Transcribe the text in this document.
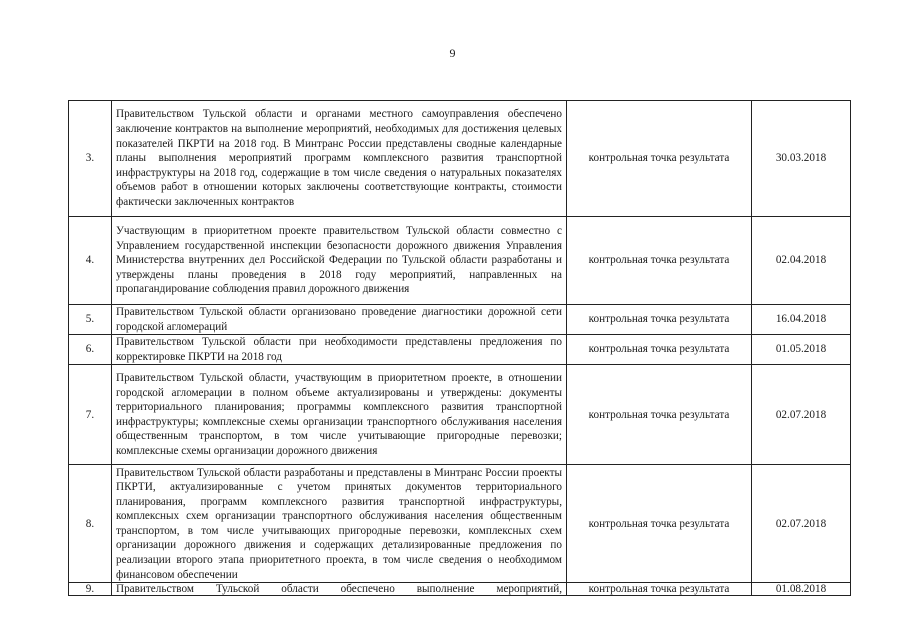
9
3.	Правительством Тульской области и органами местного самоуправления обеспечено заключение контрактов на выполнение мероприятий, необходимых для достижения целевых показателей ПКРТИ на 2018 год. В Минтранс России представлены сводные календарные планы выполнения мероприятий программ комплексного развития транспортной инфраструктуры на 2018 год, содержащие в том числе сведения о натуральных показателях объемов работ в отношении которых заключены соответствующие контракты, стоимости фактически заключенных контрактов	контрольная точка результата	30.03.2018
4.	Участвующим в приоритетном проекте правительством Тульской области совместно с Управлением государственной инспекции безопасности дорожного движения Управления Министерства внутренних дел Российской Федерации по Тульской области разработаны и утверждены планы проведения в 2018 году мероприятий, направленных на пропагандирование соблюдения правил дорожного движения	контрольная точка результата	02.04.2018
5.	Правительством Тульской области организовано проведение диагностики дорожной сети городской агломераций	контрольная точка результата	16.04.2018
6.	Правительством Тульской области при необходимости представлены предложения по корректировке ПКРТИ на 2018 год	контрольная точка результата	01.05.2018
7.	Правительством Тульской области, участвующим в приоритетном проекте, в отношении городской агломерации в полном объеме актуализированы и утверждены: документы территориального планирования; программы комплексного развития транспортной инфраструктуры; комплексные схемы организации транспортного обслуживания населения общественным транспортом, в том числе учитывающие пригородные перевозки; комплексные схемы организации дорожного движения	контрольная точка результата	02.07.2018
8.	Правительством Тульской области разработаны и представлены в Минтранс России проекты ПКРТИ, актуализированные с учетом принятых документов территориального планирования, программ комплексного развития транспортной инфраструктуры, комплексных схем организации транспортного обслуживания населения общественным транспортом, в том числе учитывающих пригородные перевозки, комплексных схем организации дорожного движения и содержащих детализированные предложения по реализации второго этапа приоритетного проекта, в том числе сведения о необходимом финансовом обеспечении	контрольная точка результата	02.07.2018
9.	Правительством Тульской области обеспечено выполнение мероприятий,	контрольная точка результата	01.08.2018
